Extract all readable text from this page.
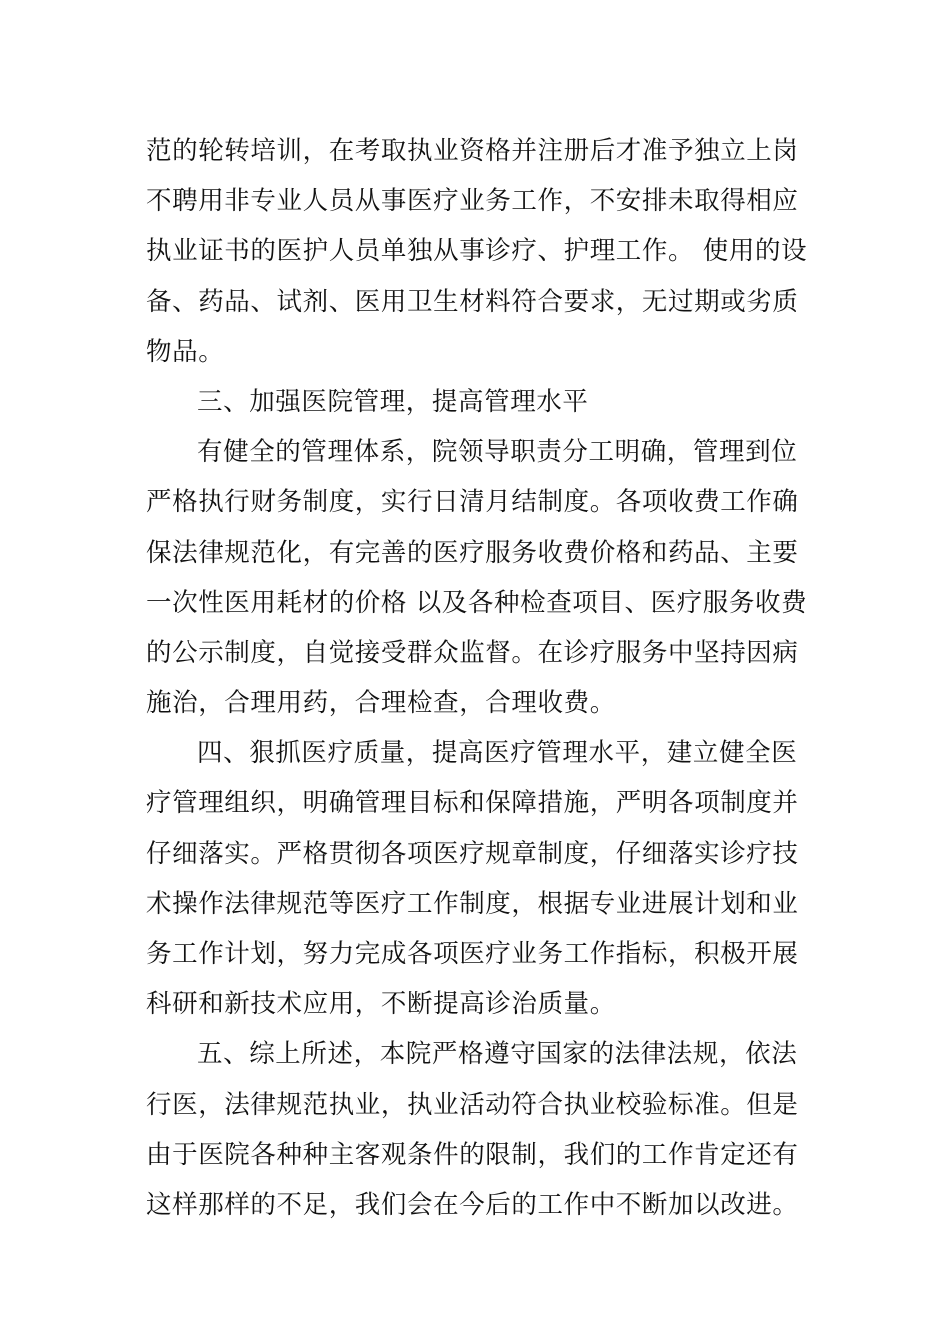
范的轮转培训，在考取执业资格并注册后才准予独立上岗
不聘用非专业人员从事医疗业务工作，不安排未取得相应
执业证书的医护人员单独从事诊疗、护理工作。 使用的设
备、药品、试剂、医用卫生材料符合要求，无过期或劣质
物品。
三、加强医院管理，提高管理水平
有健全的管理体系，院领导职责分工明确，管理到位
严格执行财务制度，实行日清月结制度。各项收费工作确
保法律规范化，有完善的医疗服务收费价格和药品、主要
一次性医用耗材的价格 以及各种检查项目、医疗服务收费
的公示制度，自觉接受群众监督。在诊疗服务中坚持因病
施治，合理用药，合理检查，合理收费。
四、狠抓医疗质量，提高医疗管理水平，建立健全医
疗管理组织，明确管理目标和保障措施，严明各项制度并
仔细落实。严格贯彻各项医疗规章制度，仔细落实诊疗技
术操作法律规范等医疗工作制度，根据专业进展计划和业
务工作计划，努力完成各项医疗业务工作指标，积极开展
科研和新技术应用，不断提高诊治质量。
五、综上所述，本院严格遵守国家的法律法规，依法
行医，法律规范执业，执业活动符合执业校验标准。但是
由于医院各种种主客观条件的限制，我们的工作肯定还有
这样那样的不足，我们会在今后的工作中不断加以改进。
